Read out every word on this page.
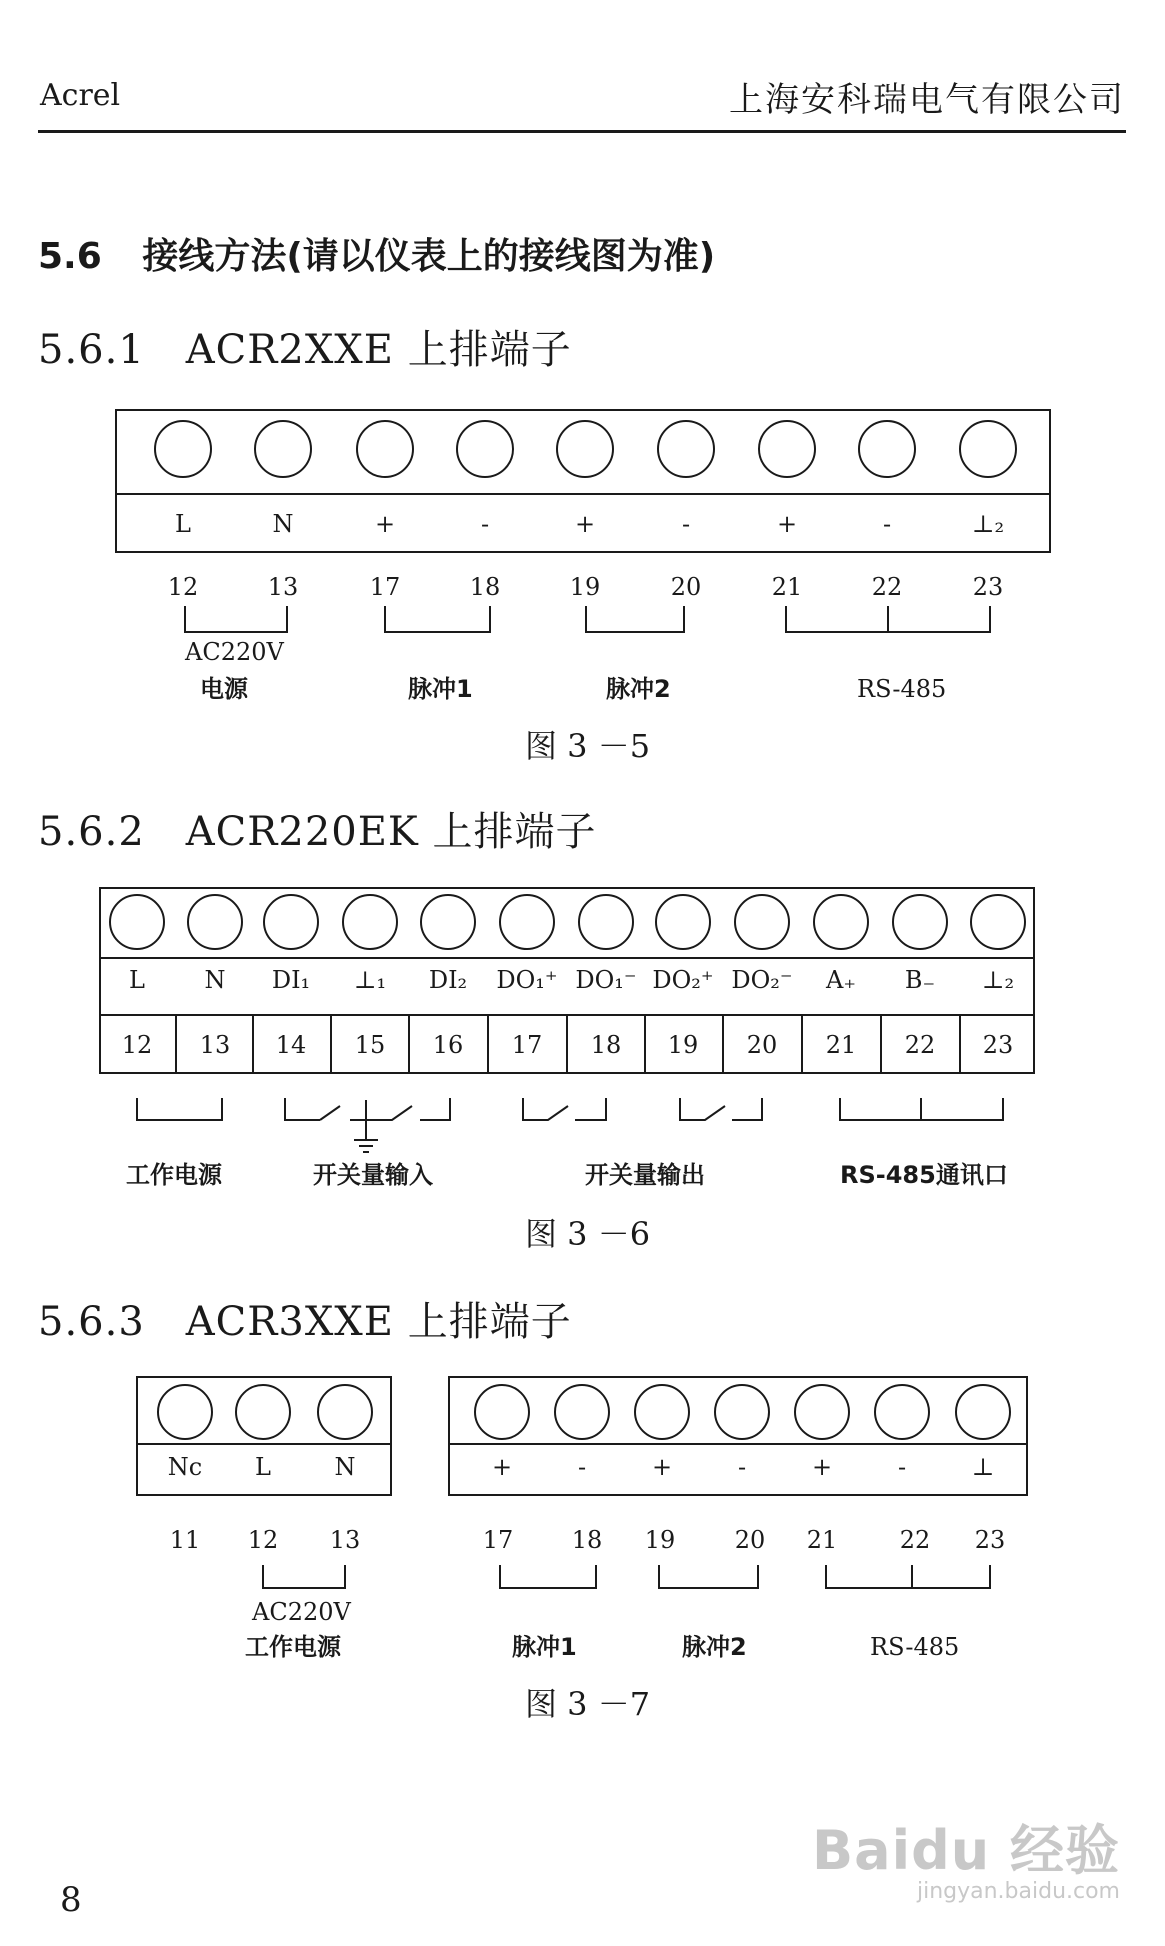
Acrel	上海安科瑞电气有限公司
5.6 接线方法(请以仪表上的接线图为准)
5.6.1　ACR2XXE 上排端子
L	N	+	-	+	-	+	-	⊥₂
12	13	17	18	19	20	21	22	23
AC220V
电源	脉冲1	脉冲2	RS-485
图 3 －5
L N DI₁ ⊥₁ DI₂ DO₁⁺ DO₁⁻ DO₂⁺ DO₂⁻ A₊ B₋ ⊥₂
12 13 14 15 16 17 18 19 20 21 22 23
工作电源	开关量输入	开关量输出	RS-485通讯口
图 3 －6
Nc L	N
11 12 13
+	-	+	-	+	-	⊥
17 18 19 20 21	22 23
AC220V
工作电源	脉冲1	脉冲2	RS-485
图 3 －7
5.6.2　ACR220EK 上排端子
5.6.3　ACR3XXE 上排端子
8
Baidu 经验
jingyan.baidu.com
